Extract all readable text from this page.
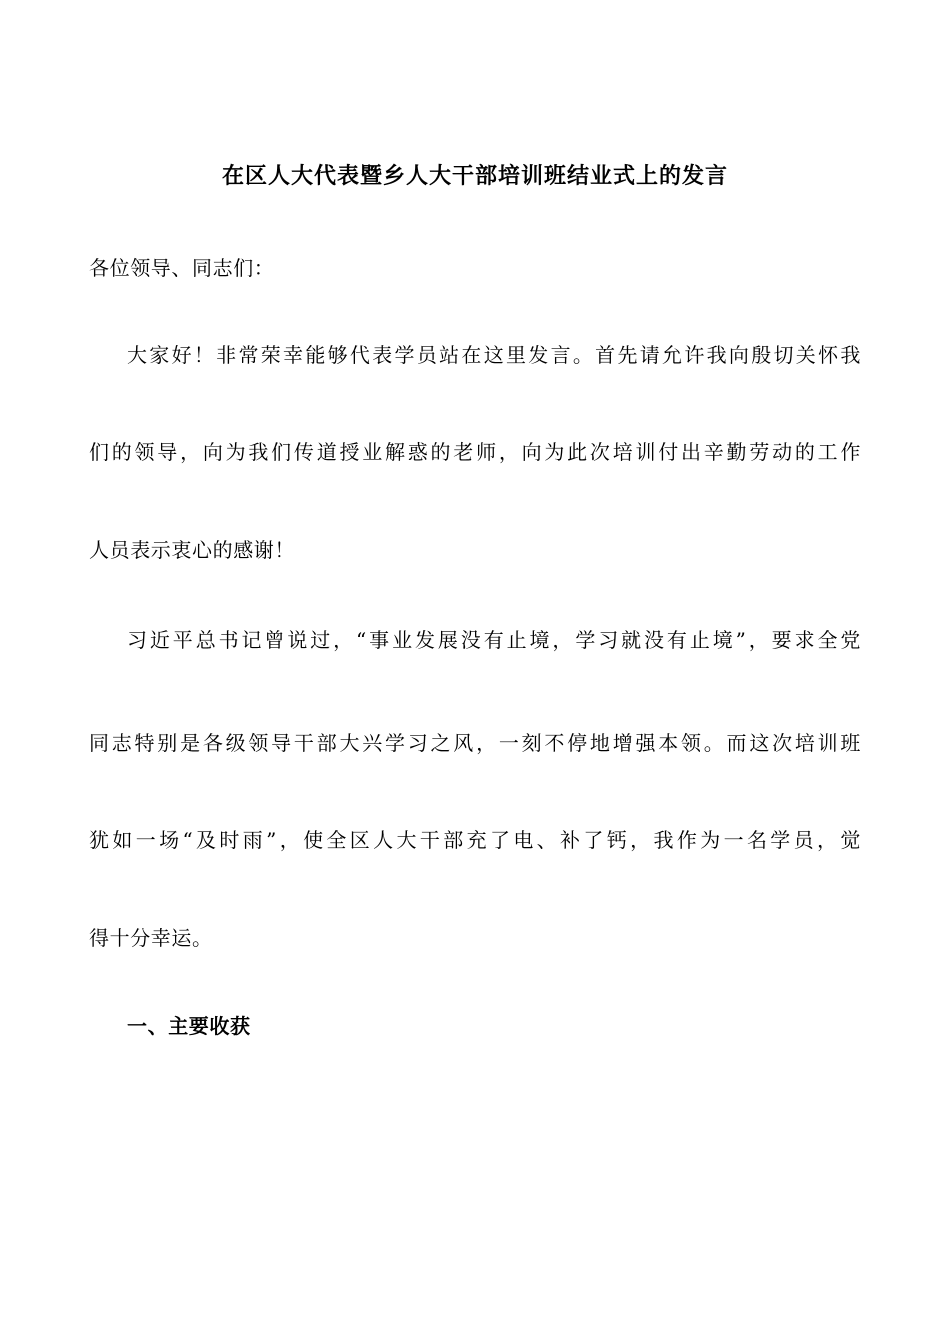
在区人大代表暨乡人大干部培训班结业式上的发言
各位领导、同志们：
大家好！非常荣幸能够代表学员站在这里发言。首先请允许我向殷切关怀我
们的领导，向为我们传道授业解惑的老师，向为此次培训付出辛勤劳动的工作
人员表示衷心的感谢！
习近平总书记曾说过，“事业发展没有止境，学习就没有止境”，要求全党
同志特别是各级领导干部大兴学习之风，一刻不停地增强本领。而这次培训班
犹如一场“及时雨”，使全区人大干部充了电、补了钙，我作为一名学员，觉
得十分幸运。
一、主要收获
